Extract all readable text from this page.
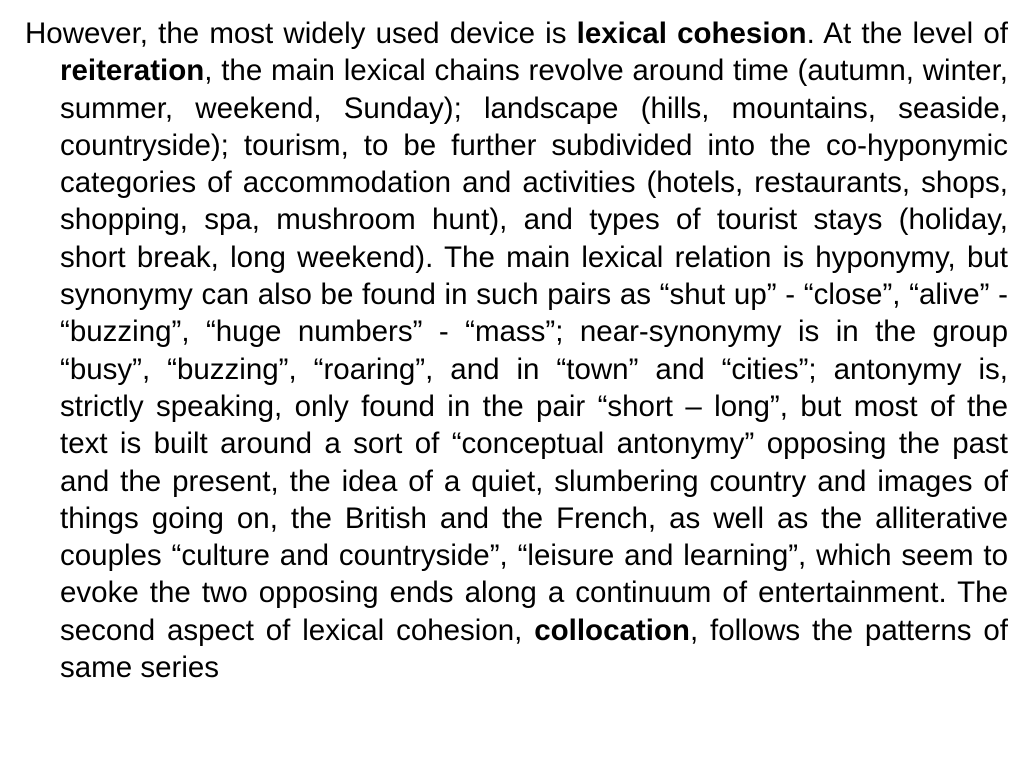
However, the most widely used device is lexical cohesion. At the level of reiteration, the main lexical chains revolve around time (autumn, winter, summer, weekend, Sunday); landscape (hills, mountains, seaside, countryside); tourism, to be further subdivided into the co-hyponymic categories of accommodation and activities (hotels, restaurants, shops, shopping, spa, mushroom hunt), and types of tourist stays (holiday, short break, long weekend). The main lexical relation is hyponymy, but synonymy can also be found in such pairs as “shut up” - “close”, “alive” - “buzzing”, “huge numbers” - “mass”; near-synonymy is in the group “busy”, “buzzing”, “roaring”, and in “town” and “cities”; antonymy is, strictly speaking, only found in the pair “short – long”, but most of the text is built around a sort of “conceptual antonymy” opposing the past and the present, the idea of a quiet, slumbering country and images of things going on, the British and the French, as well as the alliterative couples “culture and countryside”, “leisure and learning”, which seem to evoke the two opposing ends along a continuum of entertainment. The second aspect of lexical cohesion, collocation, follows the patterns of same series
